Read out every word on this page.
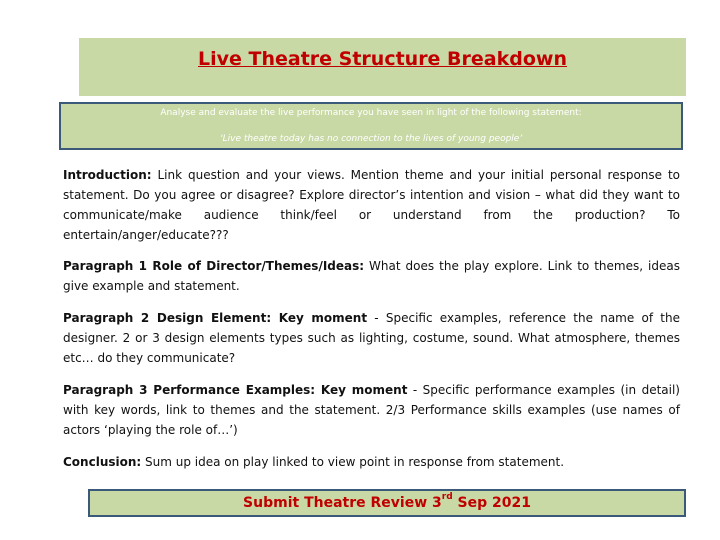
Live Theatre Structure Breakdown
Analyse and evaluate the live performance you have seen in light of the following statement:
‘Live theatre today has no connection to the lives of young people’
Introduction: Link question and your views. Mention theme and your initial personal response to statement. Do you agree or disagree? Explore director’s intention and vision – what did they want to communicate/make audience think/feel or understand from the production? To entertain/anger/educate???
Paragraph 1 Role of Director/Themes/Ideas: What does the play explore. Link to themes, ideas give example and statement.
Paragraph 2 Design Element: Key moment - Specific examples, reference the name of the designer. 2 or 3 design elements types such as lighting, costume, sound. What atmosphere, themes etc… do they communicate?
Paragraph 3 Performance Examples: Key moment - Specific performance examples (in detail) with key words, link to themes and the statement. 2/3 Performance skills examples (use names of actors ‘playing the role of…’)
Conclusion: Sum up idea on play linked to view point in response from statement.
Submit Theatre Review 3rd Sep 2021
